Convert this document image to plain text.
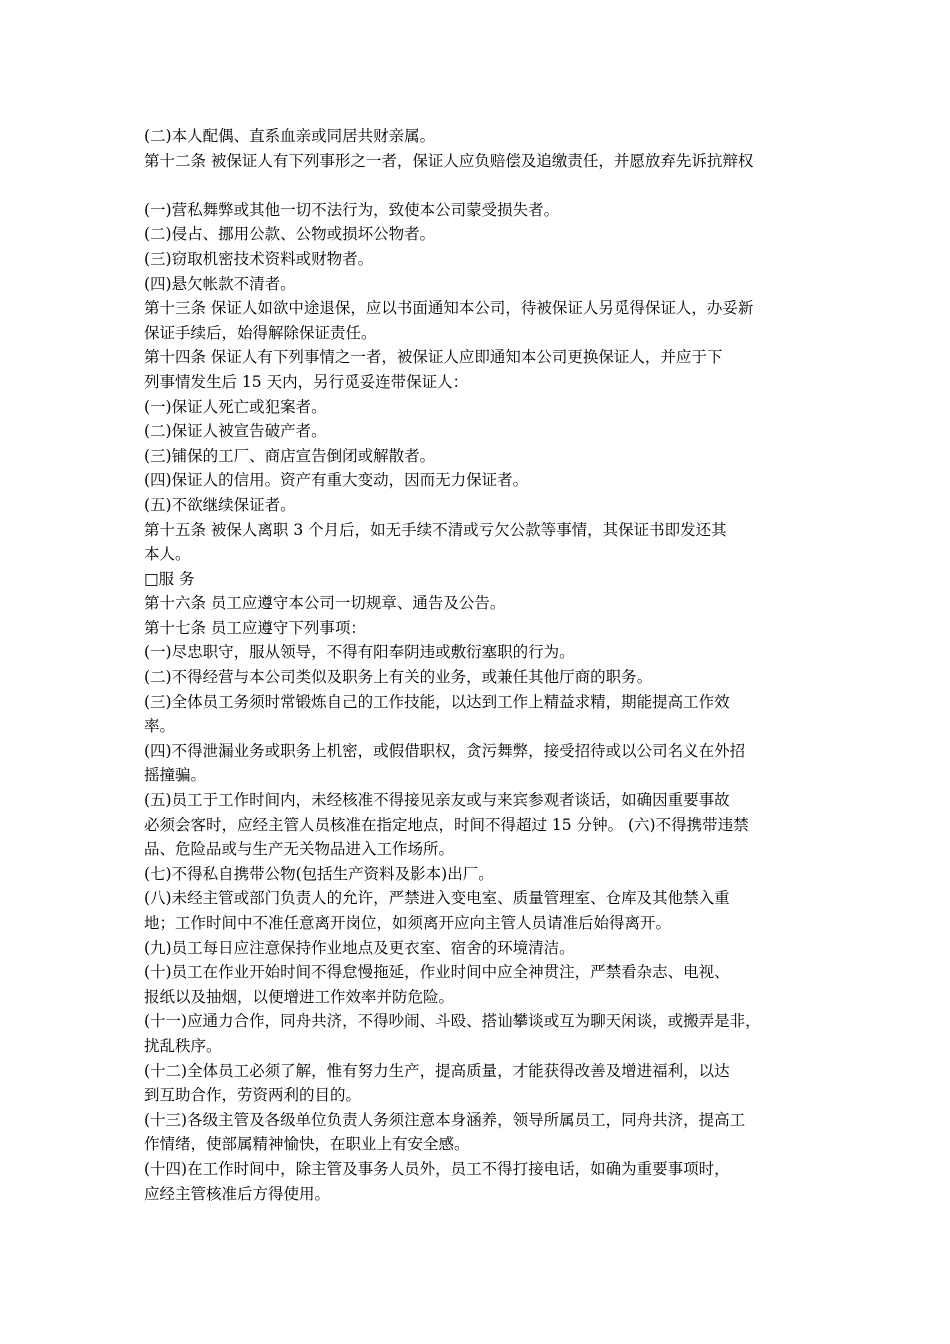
(二)本人配偶、直系血亲或同居共财亲属。
第十二条 被保证人有下列事形之一者，保证人应负赔偿及追缴责任，并愿放弃先诉抗辩权
(一)营私舞弊或其他一切不法行为，致使本公司蒙受损失者。
(二)侵占、挪用公款、公物或损坏公物者。
(三)窃取机密技术资料或财物者。
(四)悬欠帐款不清者。
第十三条 保证人如欲中途退保，应以书面通知本公司，待被保证人另觅得保证人，办妥新
保证手续后，始得解除保证责任。
第十四条 保证人有下列事情之一者，被保证人应即通知本公司更换保证人，并应于下
列事情发生后 15 天内，另行觅妥连带保证人：
(一)保证人死亡或犯案者。
(二)保证人被宣告破产者。
(三)铺保的工厂、商店宣告倒闭或解散者。
(四)保证人的信用。资产有重大变动，因而无力保证者。
(五)不欲继续保证者。
第十五条 被保人离职 3 个月后，如无手续不清或亏欠公款等事情，其保证书即发还其
本人。
□服 务
第十六条 员工应遵守本公司一切规章、通告及公告。
第十七条 员工应遵守下列事项：
(一)尽忠职守，服从领导，不得有阳奉阴违或敷衍塞职的行为。
(二)不得经营与本公司类似及职务上有关的业务，或兼任其他厅商的职务。
(三)全体员工务须时常锻炼自己的工作技能，以达到工作上精益求精，期能提高工作效
率。
(四)不得泄漏业务或职务上机密，或假借职权，贪污舞弊，接受招待或以公司名义在外招
摇撞骗。
(五)员工于工作时间内，未经核准不得接见亲友或与来宾参观者谈话，如确因重要事故
必须会客时，应经主管人员核准在指定地点，时间不得超过 15 分钟。 (六)不得携带违禁
品、危险品或与生产无关物品进入工作场所。
(七)不得私自携带公物(包括生产资料及影本)出厂。
(八)未经主管或部门负责人的允许，严禁进入变电室、质量管理室、仓库及其他禁入重
地；工作时间中不准任意离开岗位，如须离开应向主管人员请准后始得离开。
(九)员工每日应注意保持作业地点及更衣室、宿舍的环境清洁。
(十)员工在作业开始时间不得怠慢拖延，作业时间中应全神贯注，严禁看杂志、电视、
报纸以及抽烟，以便增进工作效率并防危险。
(十一)应通力合作，同舟共济，不得吵闹、斗殴、搭讪攀谈或互为聊天闲谈，或搬弄是非，
扰乱秩序。
(十二)全体员工必须了解，惟有努力生产，提高质量，才能获得改善及增进福利，以达
到互助合作，劳资两利的目的。
(十三)各级主管及各级单位负责人务须注意本身涵养，领导所属员工，同舟共济，提高工
作情绪，使部属精神愉快，在职业上有安全感。
(十四)在工作时间中，除主管及事务人员外，员工不得打接电话，如确为重要事项时，
应经主管核准后方得使用。
